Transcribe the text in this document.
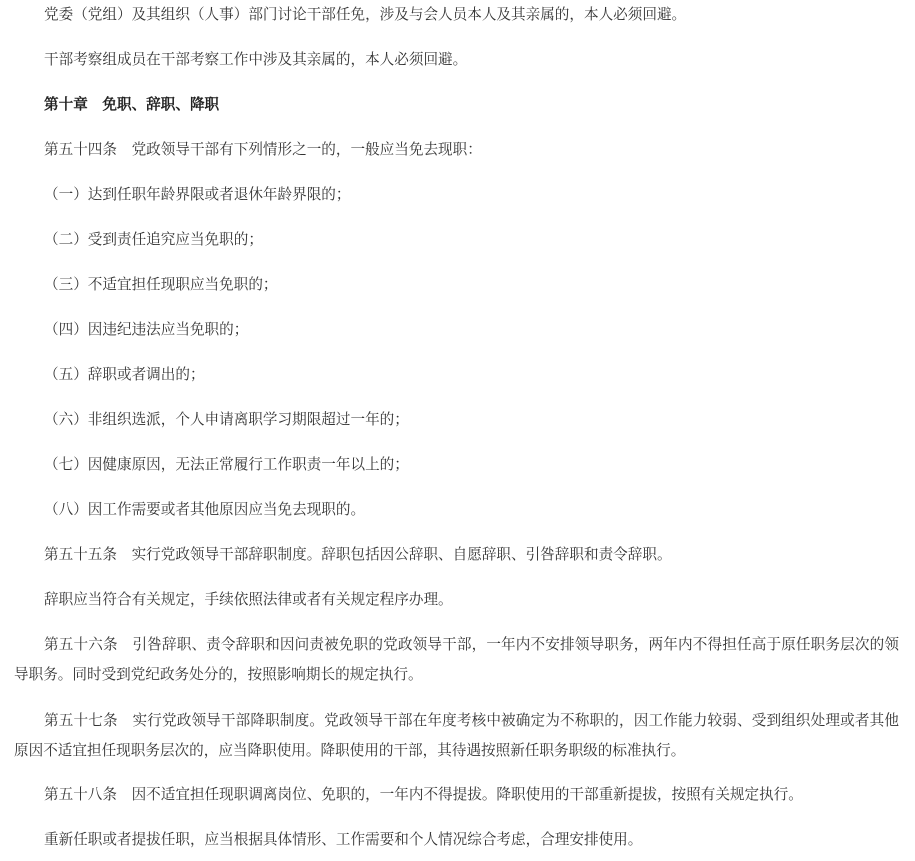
党委（党组）及其组织（人事）部门讨论干部任免，涉及与会人员本人及其亲属的，本人必须回避。

干部考察组成员在干部考察工作中涉及其亲属的，本人必须回避。

第十章　免职、辞职、降职

第五十四条　党政领导干部有下列情形之一的，一般应当免去现职：

（一）达到任职年龄界限或者退休年龄界限的；

（二）受到责任追究应当免职的；

（三）不适宜担任现职应当免职的；

（四）因违纪违法应当免职的；

（五）辞职或者调出的；

（六）非组织选派，个人申请离职学习期限超过一年的；

（七）因健康原因，无法正常履行工作职责一年以上的；

（八）因工作需要或者其他原因应当免去现职的。

第五十五条　实行党政领导干部辞职制度。辞职包括因公辞职、自愿辞职、引咎辞职和责令辞职。

辞职应当符合有关规定，手续依照法律或者有关规定程序办理。

第五十六条　引咎辞职、责令辞职和因问责被免职的党政领导干部，一年内不安排领导职务，两年内不得担任高于原任职务层次的领导职务。同时受到党纪政务处分的，按照影响期长的规定执行。

第五十七条　实行党政领导干部降职制度。党政领导干部在年度考核中被确定为不称职的，因工作能力较弱、受到组织处理或者其他原因不适宜担任现职务层次的，应当降职使用。降职使用的干部，其待遇按照新任职务职级的标准执行。

第五十八条　因不适宜担任现职调离岗位、免职的，一年内不得提拔。降职使用的干部重新提拔，按照有关规定执行。

重新任职或者提拔任职，应当根据具体情形、工作需要和个人情况综合考虑，合理安排使用。
